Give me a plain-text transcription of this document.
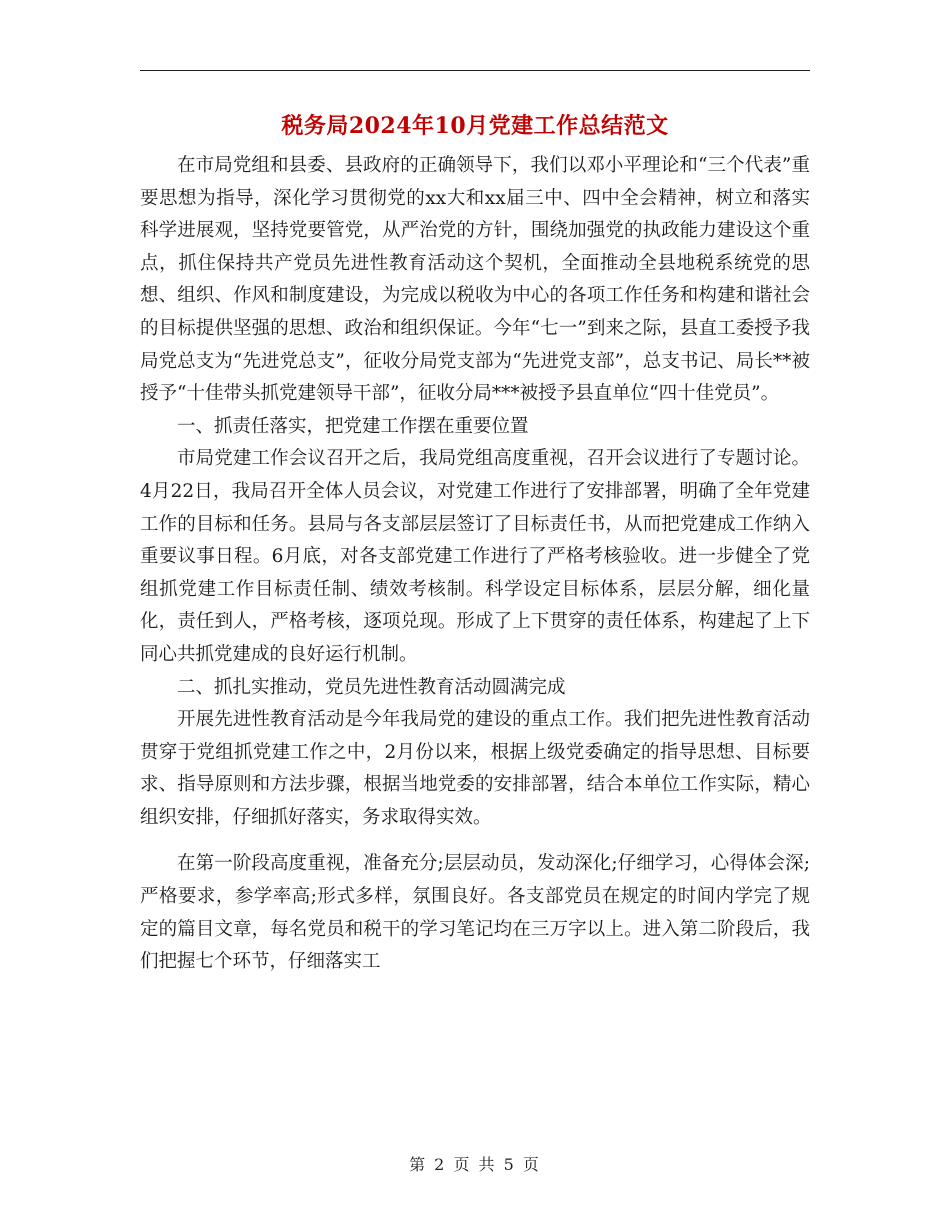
税务局2024年10月党建工作总结范文

在市局党组和县委、县政府的正确领导下，我们以邓小平理论和“三个代表”重要思想为指导，深化学习贯彻党的xx大和xx届三中、四中全会精神，树立和落实科学进展观，坚持党要管党，从严治党的方针，围绕加强党的执政能力建设这个重点，抓住保持共产党员先进性教育活动这个契机，全面推动全县地税系统党的思想、组织、作风和制度建设，为完成以税收为中心的各项工作任务和构建和谐社会的目标提供坚强的思想、政治和组织保证。今年“七一”到来之际，县直工委授予我局党总支为“先进党总支”，征收分局党支部为“先进党支部”，总支书记、局长**被授予“十佳带头抓党建领导干部”，征收分局***被授予县直单位“四十佳党员”。

一、抓责任落实，把党建工作摆在重要位置

市局党建工作会议召开之后，我局党组高度重视，召开会议进行了专题讨论。4月22日，我局召开全体人员会议，对党建工作进行了安排部署，明确了全年党建工作的目标和任务。县局与各支部层层签订了目标责任书，从而把党建成工作纳入重要议事日程。6月底，对各支部党建工作进行了严格考核验收。进一步健全了党组抓党建工作目标责任制、绩效考核制。科学设定目标体系，层层分解，细化量化，责任到人，严格考核，逐项兑现。形成了上下贯穿的责任体系，构建起了上下同心共抓党建成的良好运行机制。

二、抓扎实推动，党员先进性教育活动圆满完成

开展先进性教育活动是今年我局党的建设的重点工作。我们把先进性教育活动贯穿于党组抓党建工作之中，2月份以来，根据上级党委确定的指导思想、目标要求、指导原则和方法步骤，根据当地党委的安排部署，结合本单位工作实际，精心组织安排，仔细抓好落实，务求取得实效。

在第一阶段高度重视，准备充分;层层动员，发动深化;仔细学习，心得体会深;严格要求，参学率高;形式多样，氛围良好。各支部党员在规定的时间内学完了规定的篇目文章，每名党员和税干的学习笔记均在三万字以上。进入第二阶段后，我们把握七个环节，仔细落实工

第 2 页 共 5 页
